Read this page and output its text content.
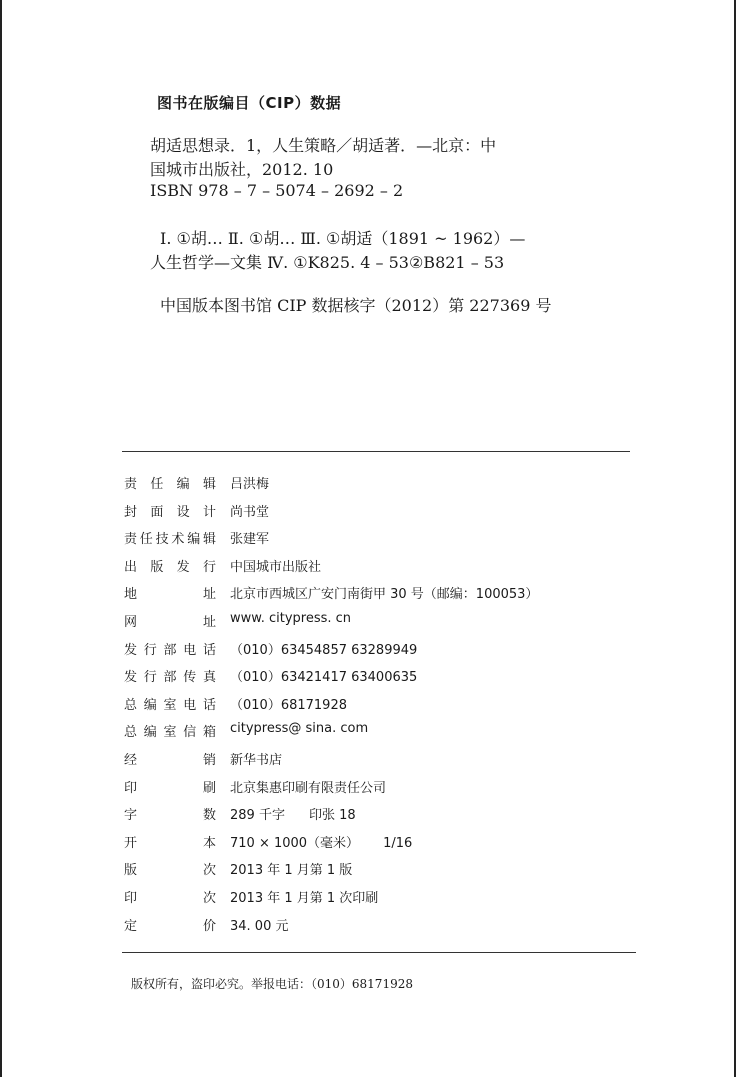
图书在版编目（CIP）数据
胡适思想录．1，人生策略／胡适著．—北京：中
国城市出版社，2012. 10
ISBN 978 – 7 – 5074 – 2692 – 2
Ⅰ. ①胡… Ⅱ. ①胡… Ⅲ. ①胡适（1891 ~ 1962）—
人生哲学—文集 Ⅳ. ①K825. 4 – 53②B821 – 53
中国版本图书馆 CIP 数据核字（2012）第 227369 号
责 任 编 辑 吕洪梅
封 面 设 计 尚书堂
责 任 技 术 编 辑 张建军
出 版 发 行 中国城市出版社
地	址 北京市西城区广安门南街甲 30 号（邮编：100053）
网	址 www. citypress. cn
发 行 部 电 话 （010）63454857 63289949
发 行 部 传 真 （010）63421417 63400635
总 编 室 电 话 （010）68171928
总 编 室 信 箱 citypress@ sina. com
经	销 新华书店
印	刷 北京集惠印刷有限责任公司
字	数 289 千字 印张 18
开	本 710 × 1000（毫米） 1/16
版	次 2013 年 1 月第 1 版
印	次 2013 年 1 月第 1 次印刷
定	价 34. 00 元
版权所有，盗印必究。举报电话：（010）68171928
